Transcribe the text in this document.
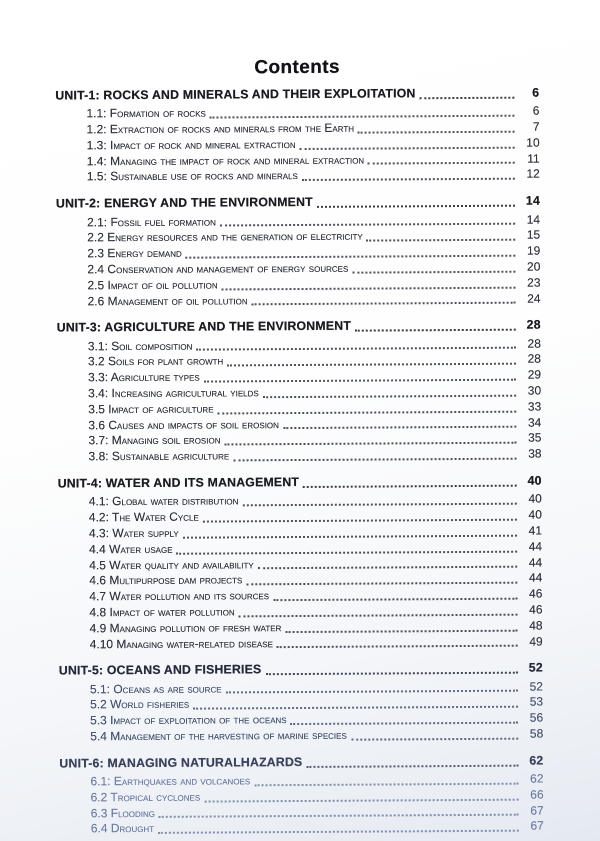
Contents
UNIT-1: ROCKS AND MINERALS AND THEIR EXPLOITATION	6
1.1: Formation of rocks	6
1.2: Extraction of rocks and minerals from the Earth	7
1.3: Impact of rock and mineral extraction	10
1.4: Managing the impact of rock and mineral extraction	11
1.5: Sustainable use of rocks and minerals	12
UNIT-2: ENERGY AND THE ENVIRONMENT	14
2.1: Fossil fuel formation	14
2.2 Energy resources and the generation of electricity	15
2.3 Energy demand	19
2.4 Conservation and management of energy sources	20
2.5 Impact of oil pollution	23
2.6 Management of oil pollution	24
UNIT-3: AGRICULTURE AND THE ENVIRONMENT	28
3.1: Soil composition	28
3.2 Soils for plant growth	28
3.3: Agriculture types	29
3.4: Increasing agricultural yields	30
3.5 Impact of agriculture	33
3.6 Causes and impacts of soil erosion	34
3.7: Managing soil erosion	35
3.8: Sustainable agriculture	38
UNIT-4: WATER AND ITS MANAGEMENT	40
4.1: Global water distribution	40
4.2: The Water Cycle	40
4.3: Water supply	41
4.4 Water usage	44
4.5 Water quality and availability	44
4.6 Multipurpose dam projects	44
4.7 Water pollution and its sources	46
4.8 Impact of water pollution	46
4.9 Managing pollution of fresh water	48
4.10 Managing water-related disease	49
UNIT-5: OCEANS AND FISHERIES	52
5.1: Oceans as are source	52
5.2 World fisheries	53
5.3 Impact of exploitation of the oceans	56
5.4 Management of the harvesting of marine species	58
UNIT-6: MANAGING NATURALHAZARDS	62
6.1: Earthquakes and volcanoes	62
6.2 Tropical cyclones	66
6.3 Flooding	67
6.4 Drought	67
